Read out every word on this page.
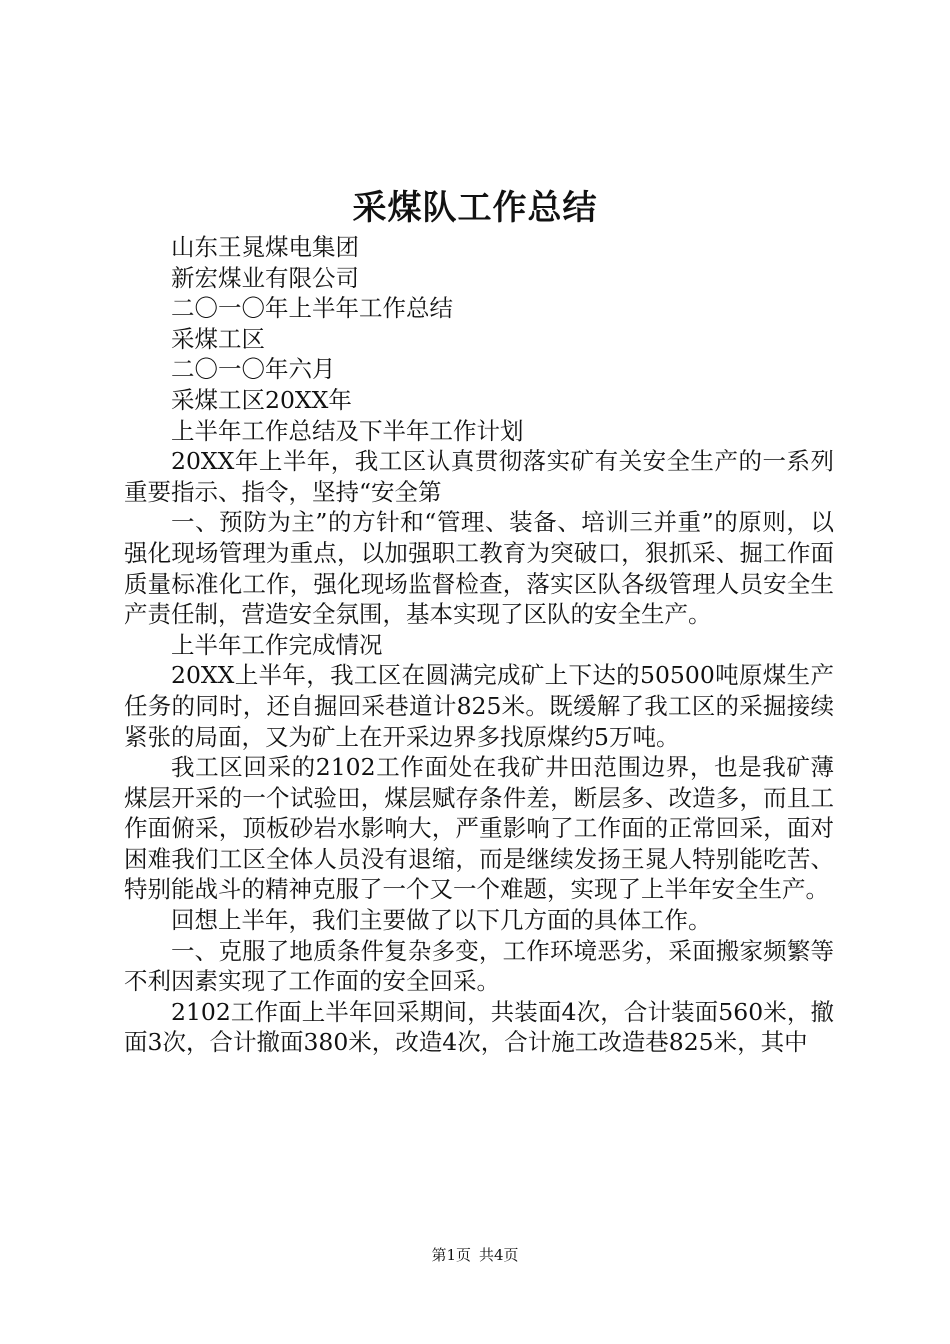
采煤队工作总结

山东王晁煤电集团

新宏煤业有限公司

二〇一〇年上半年工作总结

采煤工区

二〇一〇年六月

采煤工区20XX年

上半年工作总结及下半年工作计划

20XX年上半年，我工区认真贯彻落实矿有关安全生产的一系列重要指示、指令，坚持“安全第

一、预防为主”的方针和“管理、装备、培训三并重”的原则，以强化现场管理为重点，以加强职工教育为突破口，狠抓采、掘工作面质量标准化工作，强化现场监督检查，落实区队各级管理人员安全生产责任制，营造安全氛围，基本实现了区队的安全生产。

上半年工作完成情况

20XX上半年，我工区在圆满完成矿上下达的50500吨原煤生产任务的同时，还自掘回采巷道计825米。既缓解了我工区的采掘接续紧张的局面，又为矿上在开采边界多找原煤约5万吨。

我工区回采的2102工作面处在我矿井田范围边界，也是我矿薄煤层开采的一个试验田，煤层赋存条件差，断层多、改造多，而且工作面俯采，顶板砂岩水影响大，严重影响了工作面的正常回采，面对困难我们工区全体人员没有退缩，而是继续发扬王晁人特别能吃苦、特别能战斗的精神克服了一个又一个难题，实现了上半年安全生产。

回想上半年，我们主要做了以下几方面的具体工作。

一、克服了地质条件复杂多变，工作环境恶劣，采面搬家频繁等不利因素实现了工作面的安全回采。

2102工作面上半年回采期间，共装面4次，合计装面560米，撤面3次，合计撤面380米，改造4次，合计施工改造巷825米，其中

第1页 共4页
